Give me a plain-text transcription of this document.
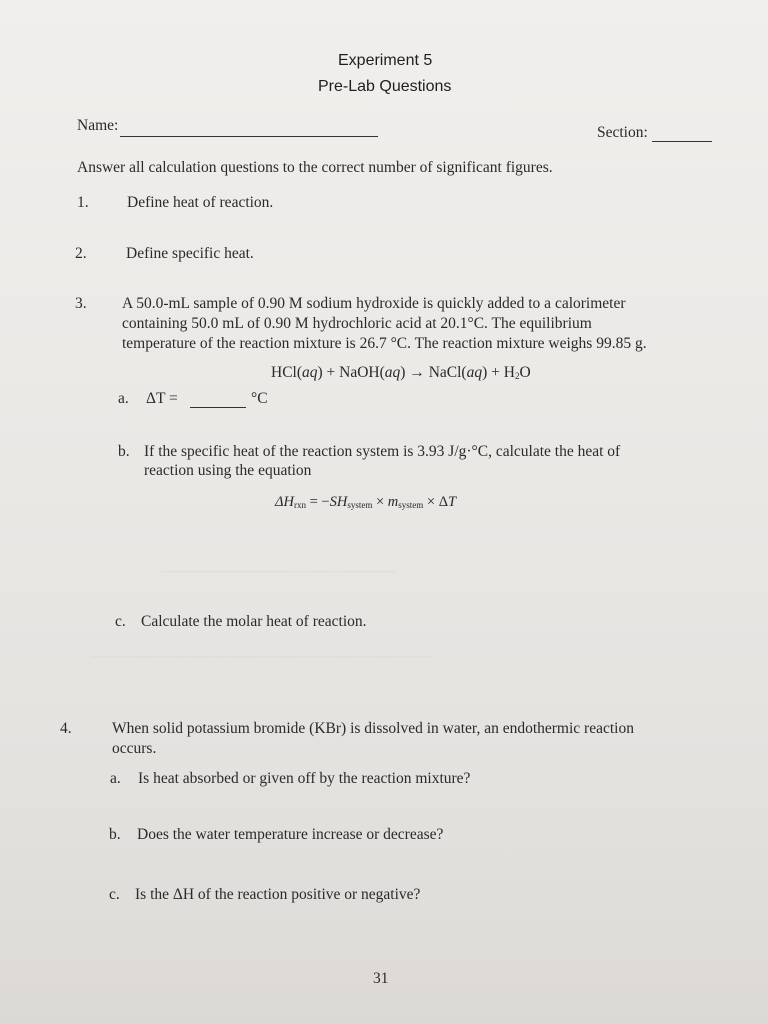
~~~~~~~~~~~~~~~~~~~~~~~~~~~~~~~
~~~~~~~~~~~~~~~~~~~~~~~~~~~~~~~~~~~~~~~~~~~~~
Experiment 5
Pre-Lab Questions
Name:	Section:
Answer all calculation questions to the correct number of significant figures.
1. Define heat of reaction.
2.	Define specific heat.
3. A 50.0-mL sample of 0.90 M sodium hydroxide is quickly added to a calorimeter
containing 50.0 mL of 0.90 M hydrochloric acid at 20.1°C. The equilibrium
temperature of the reaction mixture is 26.7 °C. The reaction mixture weighs 99.85 g.
HCl(aq) + NaOH(aq) → NaCl(aq) + $H_2O$
a. ΔT =	°C
b. If the specific heat of the reaction system is 3.93 J/g·°C, calculate the heat of
reaction using the equation
$\Delta H_{rxn} = -SH_{system} \times m_{system} \times \Delta T$
c. Calculate the molar heat of reaction.
4.	When solid potassium bromide (KBr) is dissolved in water, an endothermic reaction
occurs.
a. Is heat absorbed or given off by the reaction mixture?
b. Does the water temperature increase or decrease?
c. Is the ΔH of the reaction positive or negative?
31
